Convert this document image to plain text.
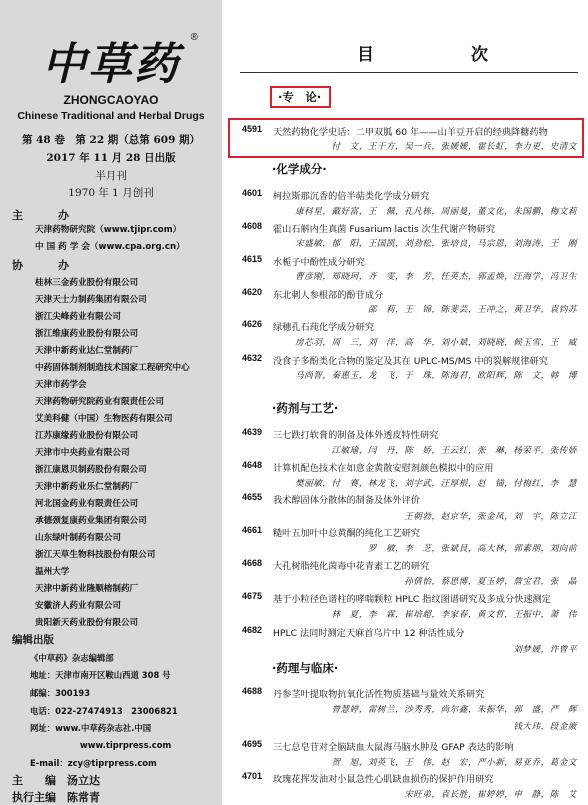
中草药
®
ZHONGCAOYAO
Chinese Traditional and Herbal Drugs
第 48 卷　第 22 期（总第 609 期）
2017 年 11 月 28 日出版
半月刊
1970 年 1 月创刊
主　办
天津药物研究院（www.tjipr.com）
中 国 药 学 会（www.cpa.org.cn）
协　办
编辑出版
《中草药》杂志编辑部
地址：天津市南开区鞍山西道 308 号
邮编：300193
电话：022-27474913　23006821
网址：www.中草药杂志社.中国
www.tiprpress.com
E-mail：zcy@tiprpress.com
主　　编　汤立达
执行主编　陈常青
桂林三金药业股份有限公司
天津天士力制药集团有限公司
浙江尖峰药业有限公司
浙江维康药业股份有限公司
天津中新药业达仁堂制药厂
中药固体制剂制造技术国家工程研究中心
天津市药学会
天津药物研究院药业有限责任公司
艾美科健（中国）生物医药有限公司
江苏康缘药业股份有限公司
天津市中央药业有限公司
浙江康恩贝制药股份有限公司
天津中新药业乐仁堂制药厂
河北国金药业有限责任公司
承德颈复康药业集团有限公司
山东绿叶制药有限公司
浙江天草生物科技股份有限公司
温州大学
天津中新药业隆顺榕制药厂
安徽济人药业有限公司
贵阳新天药业股份有限公司
目　次
·专　论·
4591 天然药物化学史话：二甲双胍 60 年——山羊豆开启的经典降糖药物
付　文，王于方，吴一兵，张媛媛，霍长虹，李力更，史清文
·化学成分·
4601 柯拉斯那沉香的倍半萜类化学成分研究
康科星，戴好富，王　佩，孔凡栋，周丽曼，董文化，朱国鹏，梅文莉
4608 霍山石斛内生真菌 Fusarium lactis 次生代谢产物研究
宋盛敏，郁　阳，王国凯，刘劲松，张培良，马宗恩，刘海涛，王　刚
4615 水栀子中酚性成分研究
曹彦刚，郑晓珂，齐　雯，李　芳，任英杰，郭孟焕，汪海学，冯卫生
4620 东北刺人参根部的酚苷成分
邵　莉，王　锦，陈斐芸，王冲之，黄卫华，袁钧苏
4626 绿穗孔石莼化学成分研究
房芯羽，周　三，刘　洋，高　华，刘小斌，刘晓晓，候玉雪，王　威
4632 没食子多酚类化合物的鉴定及其在 UPLC-MS/MS 中的裂解规律研究
马尚智，秦惠玉，龙　飞，于　珠，陈海君，欧阳辉，陈　文，韩　博
·药剂与工艺·
4639 三七跌打软膏的制备及体外透皮特性研究
江敏瑜，闫　丹，陈　娇，王云红，张　琳，杨荣平，张传娇
4648 计算机配色技术在如意金黄散安慰剂颜色模拟中的应用
樊丽敏，付　赛，林龙飞，刘宇武，汪厚根，赵　锚，付梅红，李　慧
4655 我术醇固体分散体的制备及体外评价
王朝勃，赵京华，张金凤，刘　宇，陈立江
4661 糙叶五加叶中总黄酮的纯化工艺研究
罗　敏，李　芝，张斌艮，高大林，郭素朋，刘向前
4668 大孔树脂纯化茵毒中花青素工艺的研究
孙倩怡，蔡思博，夏玉婷，詹宝君，张　晶
4675 基于小粒径色谱柱的哮喘颗粒 HPLC 指纹图谱研究及多成分快速测定
林　夏，李　霖，崔培超，李家春，黄文哲，王振中，萧　伟
4682 HPLC 法同时测定天麻首乌片中 12 种活性成分
刘梦媛，许曾平
·药理与临床·
4688 丹参茎叶提取物抗氧化活性物质基础与量效关系研究
曾慧婷，雷树兰，沙秀秀，尚尔鑫，朱振华，郭　盛，严　辉
钱大玮，段金廒
4695 三七总皂苷对全脑缺血大鼠海马脑水肿及 GFAP 表达的影响
贺　旭，刘英飞，王　伟，赵　宏，严小新，易亚乔，葛金文
4701 玫瑰花挥发油对小鼠急性心肌缺血损伤的保护作用研究
宋旺弟，袁长胜，崔婷婷，申　静，陈　艾
